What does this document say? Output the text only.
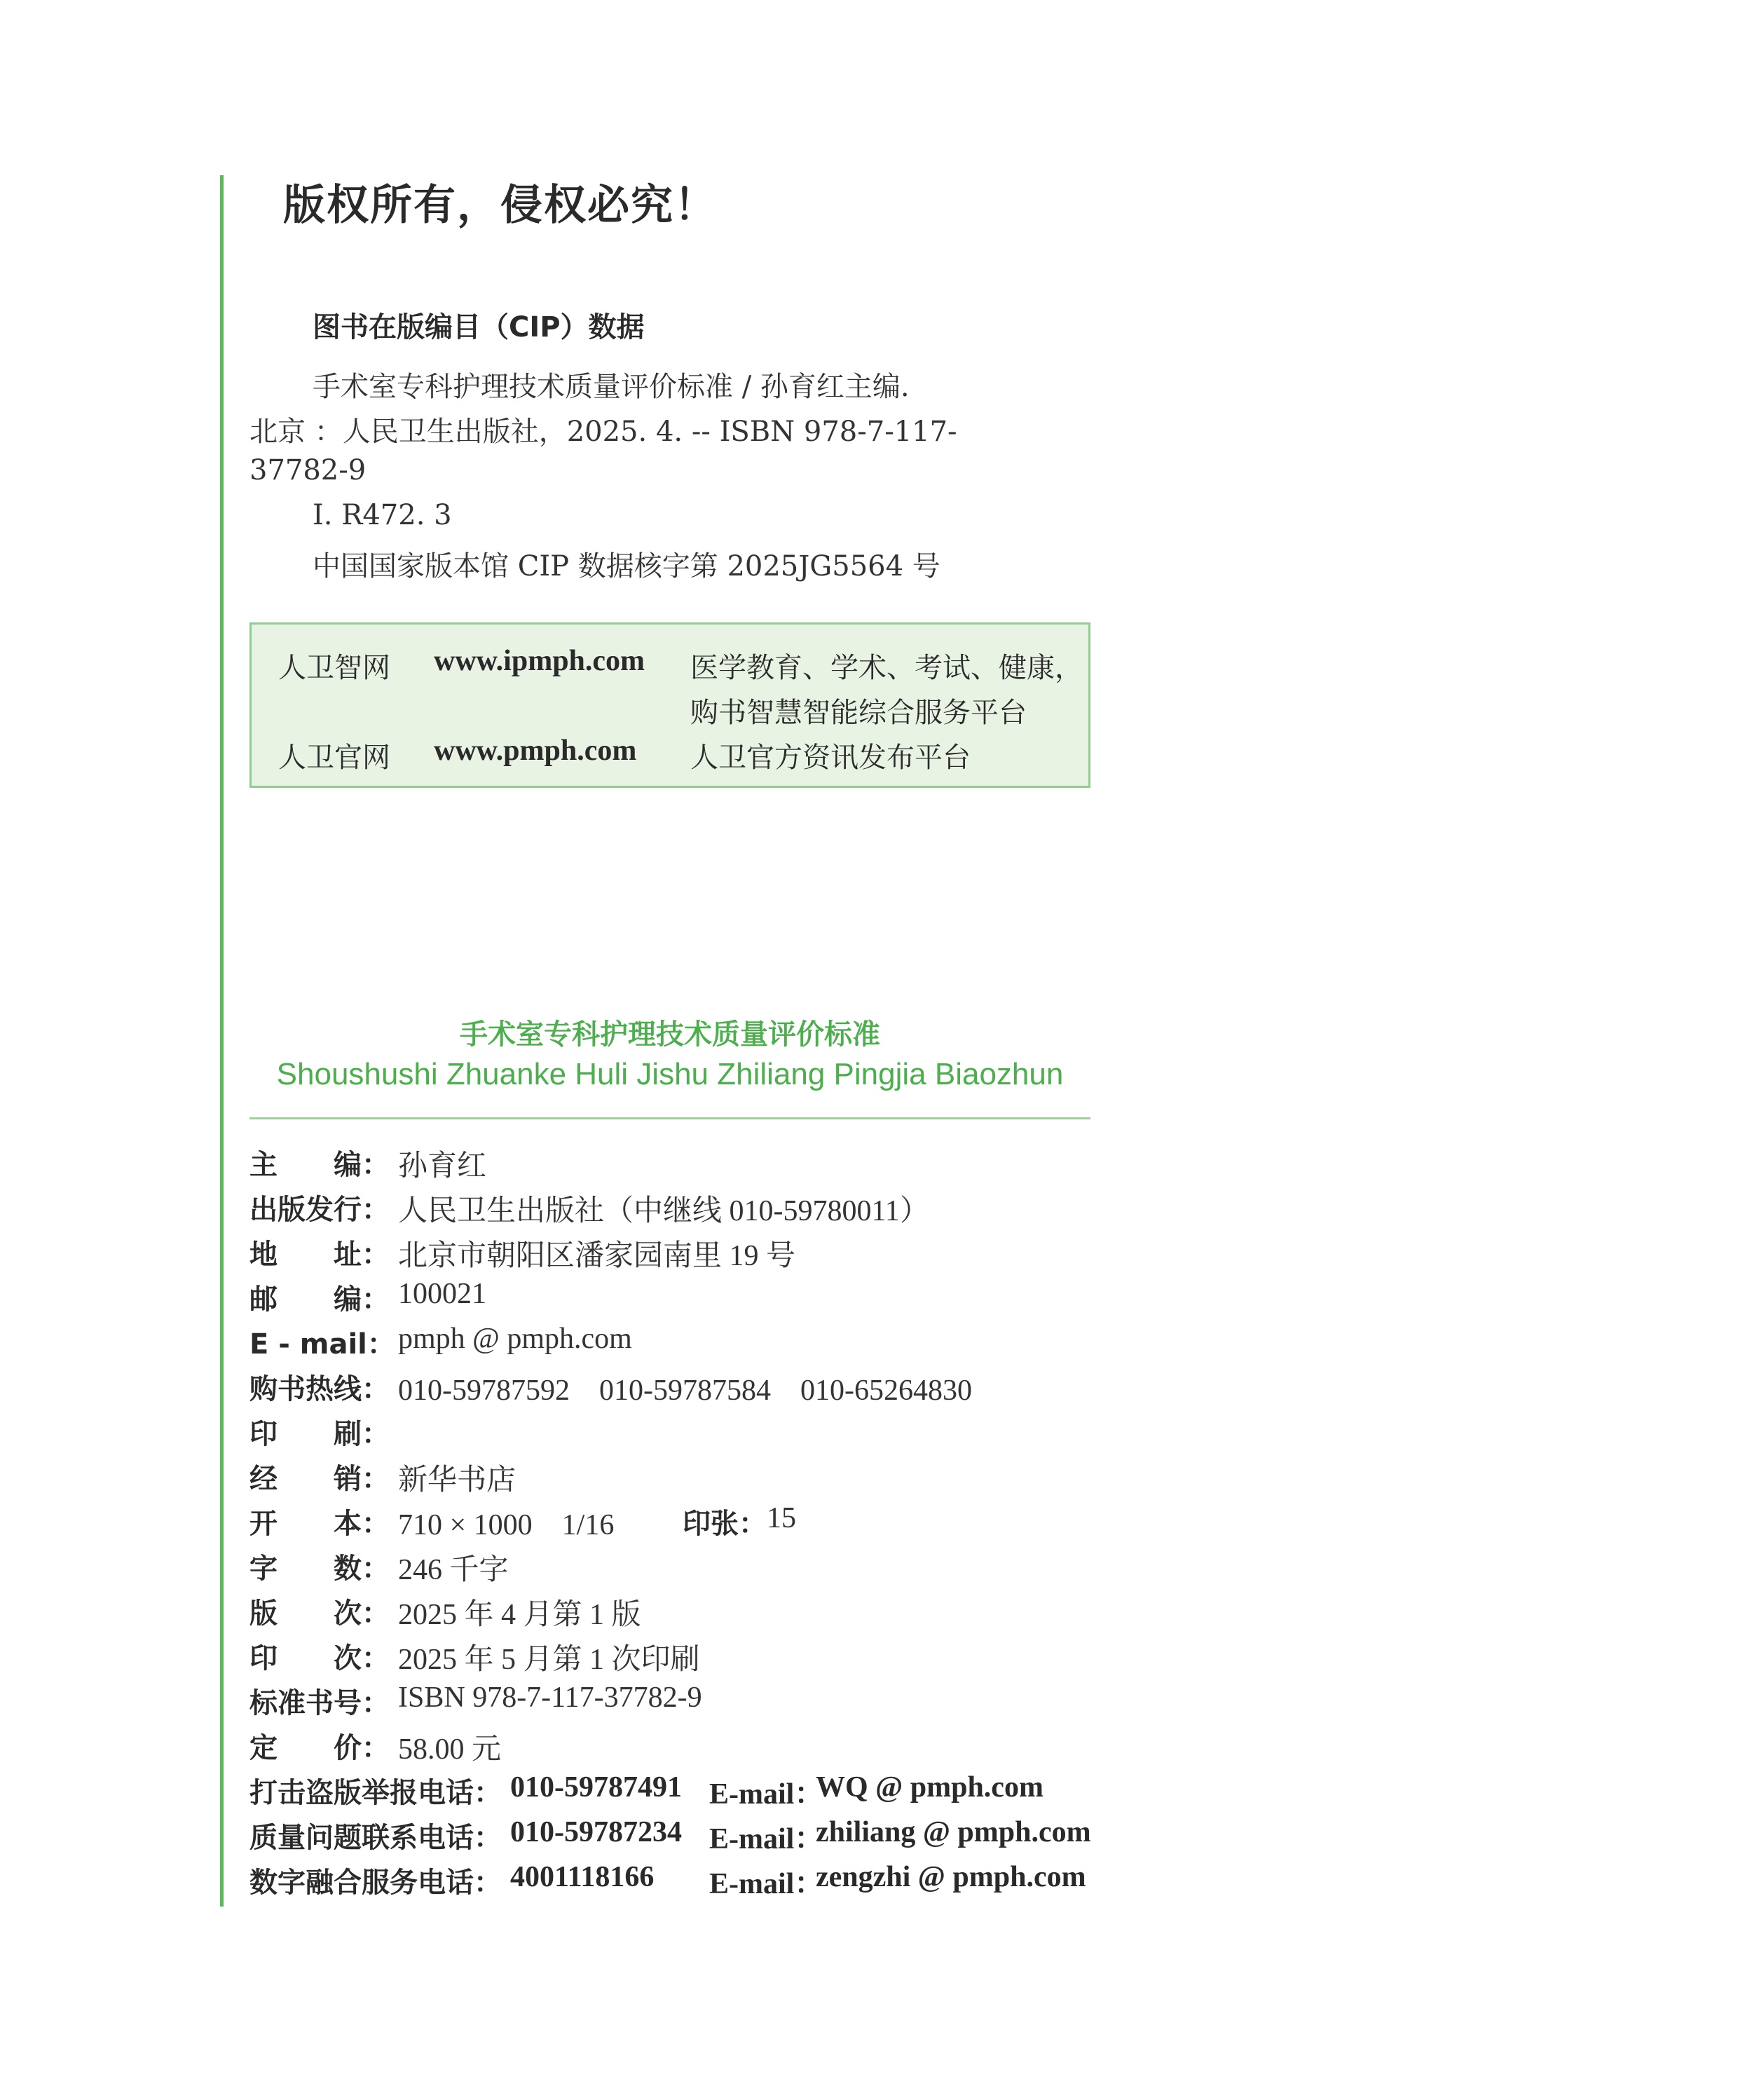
版权所有，侵权必究！
图书在版编目（CIP）数据
手术室专科护理技术质量评价标准 / 孙育红主编.
北京 ：人民卫生出版社，2025. 4. -- ISBN 978-7-117-
37782-9
Ⅰ. R472. 3
中国国家版本馆 CIP 数据核字第 2025JG5564 号
人卫智网 www.ipmph.com 医学教育、学术、考试、健康，
购书智慧智能综合服务平台
人卫官网 www.pmph.com 人卫官方资讯发布平台
手术室专科护理技术质量评价标准
Shoushushi Zhuanke Huli Jishu Zhiliang Pingjia Biaozhun
主　　编： 孙育红
出版发行： 人民卫生出版社（中继线 010-59780011）
地　　址： 北京市朝阳区潘家园南里 19 号
邮　　编： 100021
E - mail： pmph @ pmph.com
购书热线： 010-59787592　010-59787584　010-65264830
印　　刷：
经　　销： 新华书店
开　　本： 710 × 1000　1/16 印张： 15
字　　数： 246 千字
版　　次： 2025 年 4 月第 1 版
印　　次： 2025 年 5 月第 1 次印刷
标准书号： ISBN 978-7-117-37782-9
定　　价： 58.00 元
打击盗版举报电话： 010-59787491 E-mail：
WQ @ pmph.com
质量问题联系电话： 010-59787234 E-mail：
zhiliang @ pmph.com
数字融合服务电话： 4001118166 E-mail：
zengzhi @ pmph.com
